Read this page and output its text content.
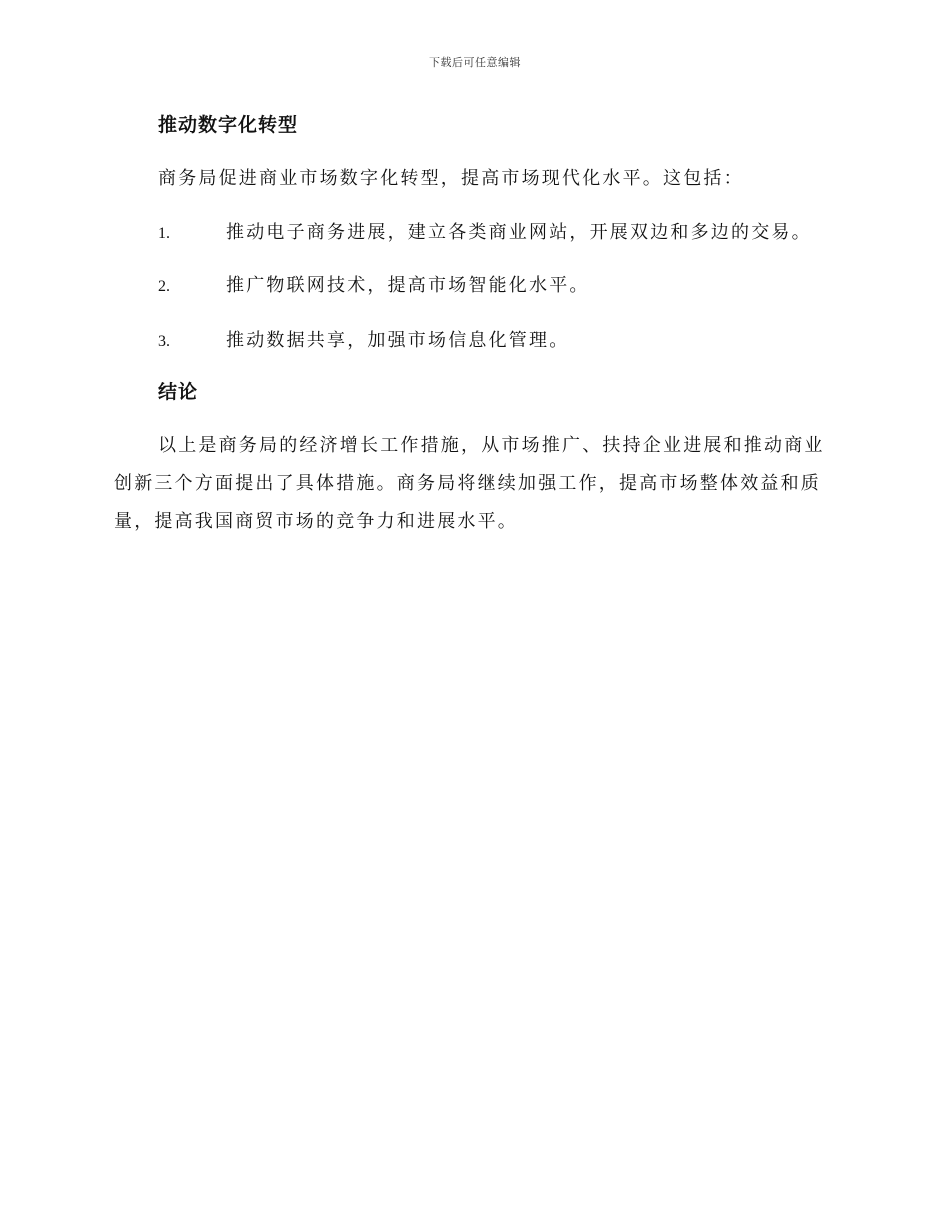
下载后可任意编辑
推动数字化转型

商务局促进商业市场数字化转型，提高市场现代化水平。这包括：

1.	推动电子商务进展，建立各类商业网站，开展双边和多边的交易。

2.	推广物联网技术，提高市场智能化水平。

3.	推动数据共享，加强市场信息化管理。

结论

以上是商务局的经济增长工作措施，从市场推广、扶持企业进展和推动商业创新三个方面提出了具体措施。商务局将继续加强工作，提高市场整体效益和质量，提高我国商贸市场的竞争力和进展水平。
